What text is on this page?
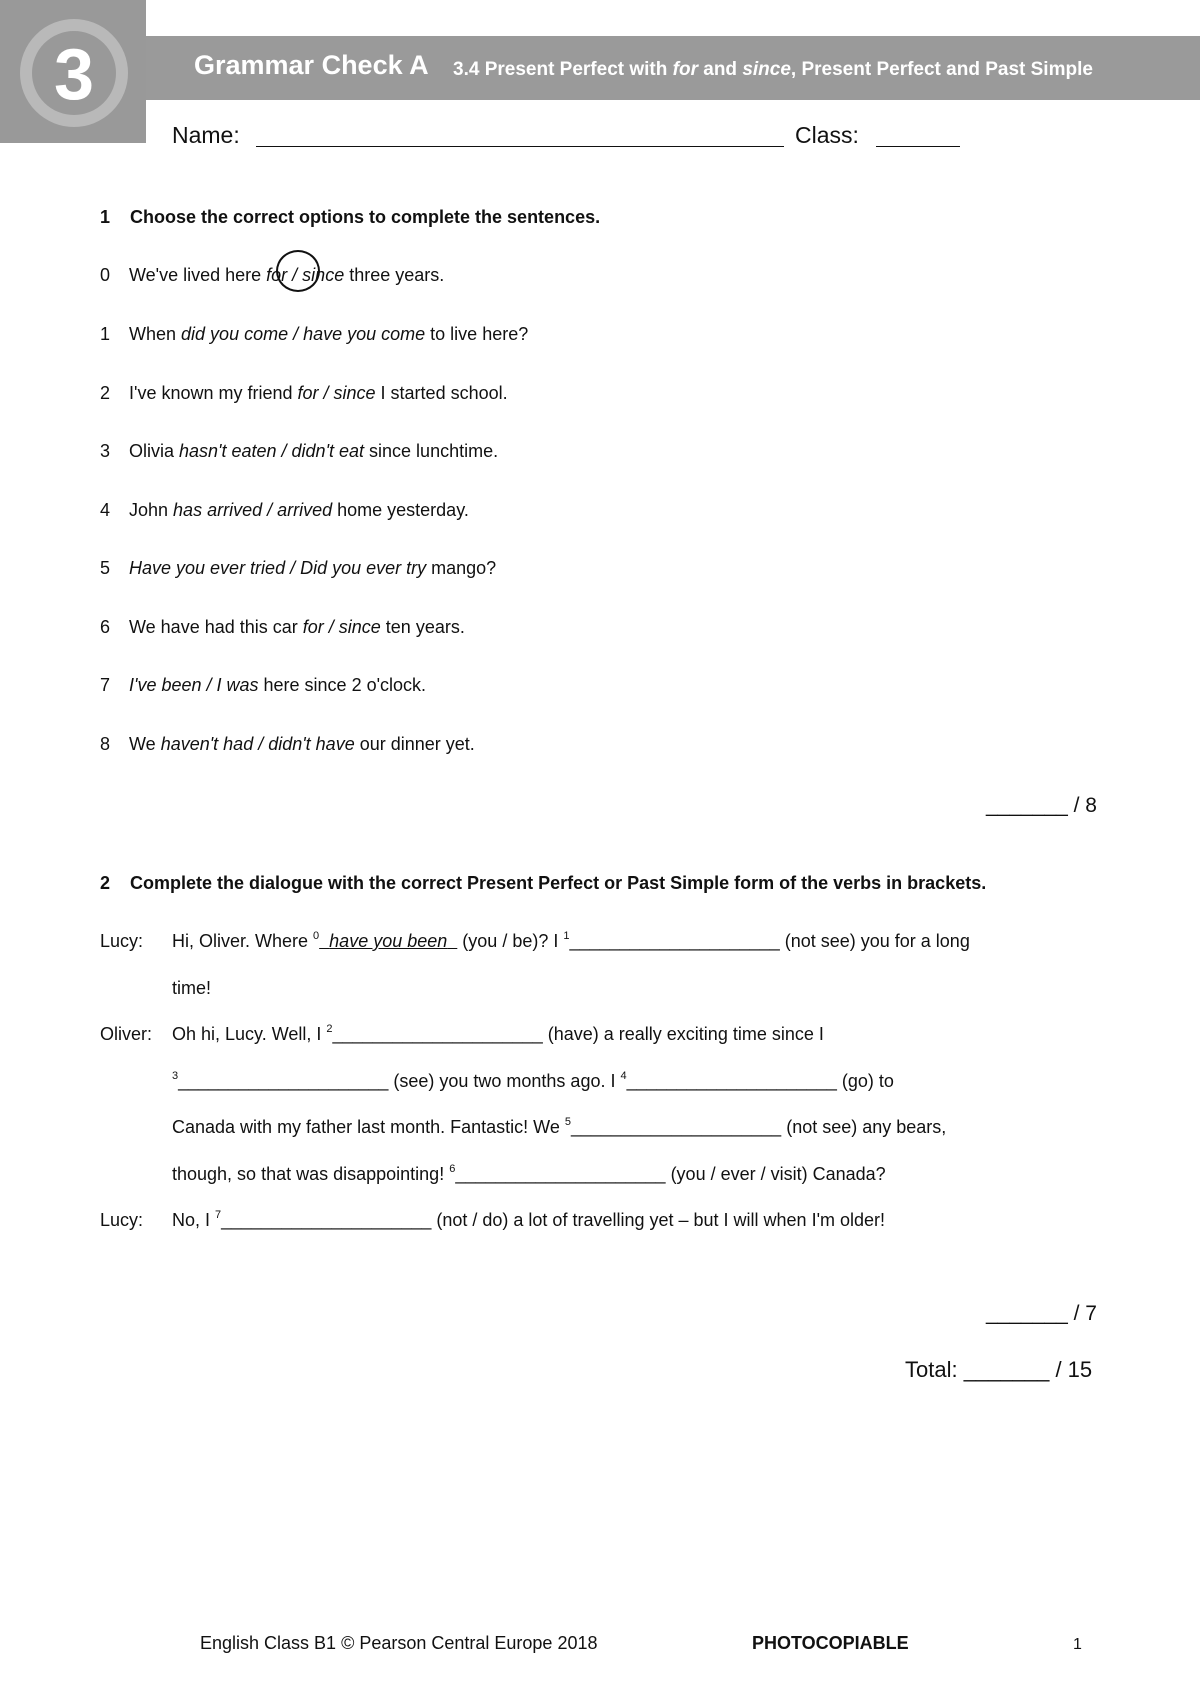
3	Grammar Check A 3.4 Present Perfect with for and since, Present Perfect and Past Simple
Name:	Class:
1 Choose the correct options to complete the sentences.
0 We've lived here for / since three years.
1 When did you come / have you come to live here?
2 I've known my friend for / since I started school.
3 Olivia hasn't eaten / didn't eat since lunchtime.
4 John has arrived / arrived home yesterday.
5 Have you ever tried / Did you ever try mango?
6 We have had this car for / since ten years.
7 I've been / I was here since 2 o'clock.
8 We haven't had / didn't have our dinner yet.
_______ / 8
2 Complete the dialogue with the correct Present Perfect or Past Simple form of the verbs in brackets.
Lucy: Hi, Oliver. Where $^0$ have you been   (you / be)? I $^1$_____________________ (not see) you for a long
time!
Oliver: Oh hi, Lucy. Well, I $^2$_____________________ (have) a really exciting time since I
$^3$_____________________ (see) you two months ago. I $^4$_____________________ (go) to
Canada with my father last month. Fantastic! We $^5$_____________________ (not see) any bears,
though, so that was disappointing! $^6$_____________________ (you / ever / visit) Canada?
Lucy: No, I $^7$_____________________ (not / do) a lot of travelling yet – but I will when I'm older!
_______ / 7
Total: _______ / 15
English Class B1 © Pearson Central Europe 2018	PHOTOCOPIABLE	1
